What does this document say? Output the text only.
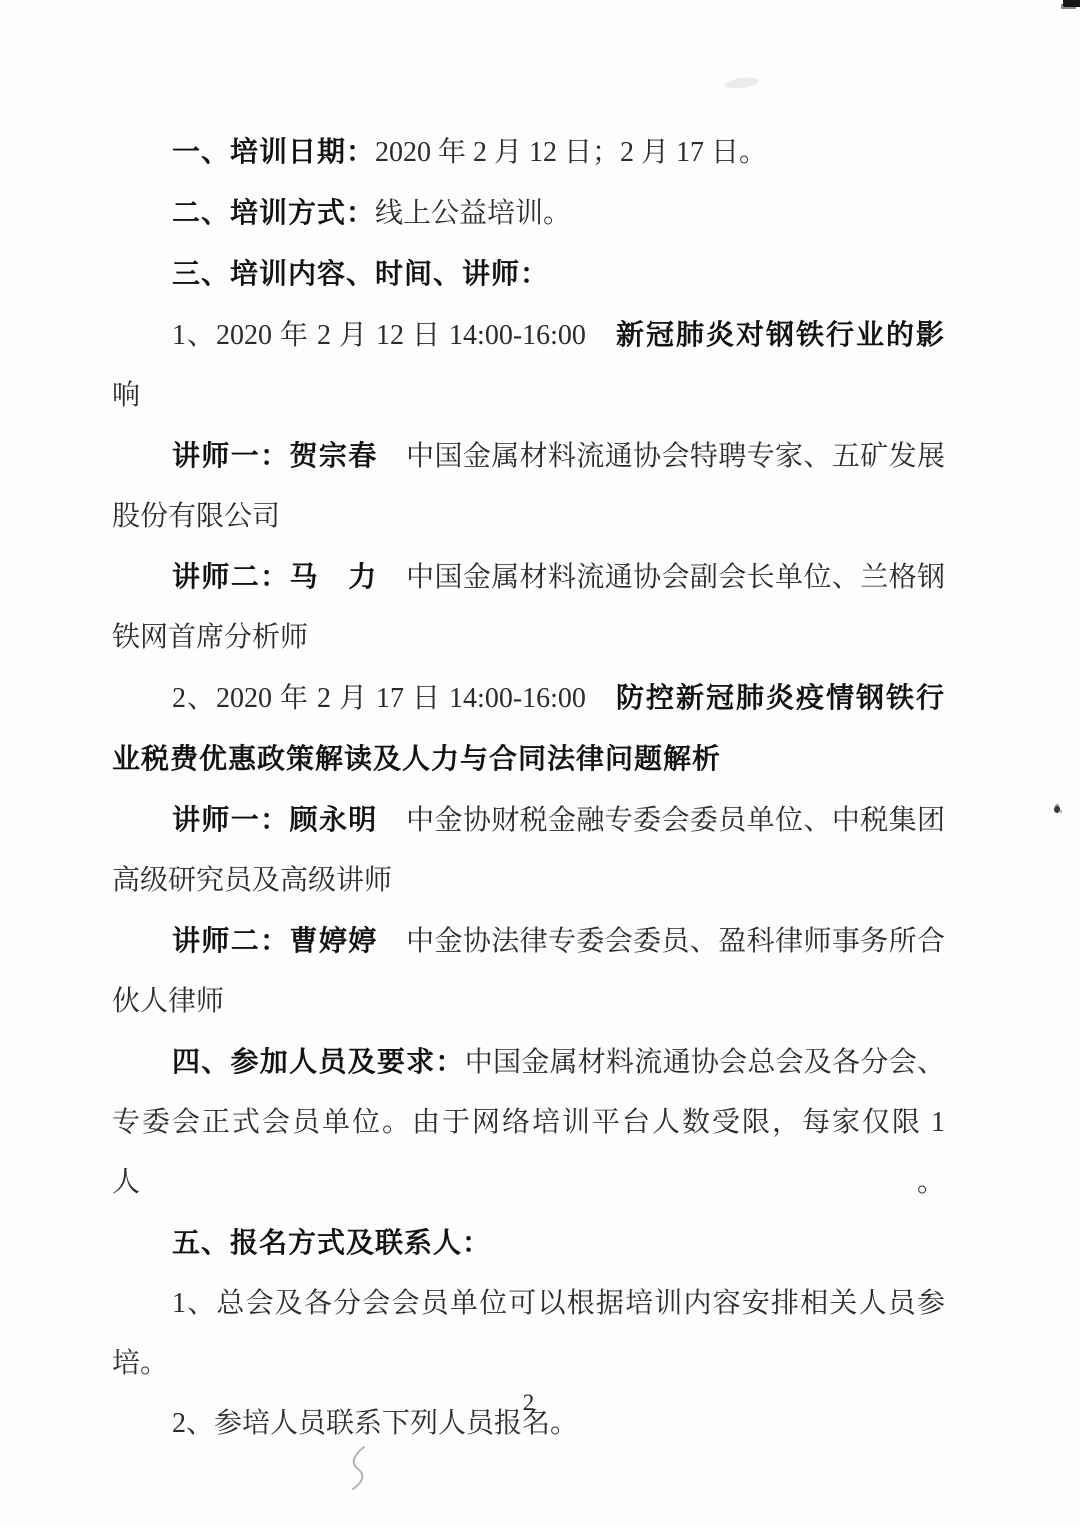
一、培训日期：2020 年 2 月 12 日；2 月 17 日。
二、培训方式：线上公益培训。
三、培训内容、时间、讲师：
1、2020 年 2 月 12 日 14:00-16:00　新冠肺炎对钢铁行业的影
响
讲师一：贺宗春　中国金属材料流通协会特聘专家、五矿发展
股份有限公司
讲师二：马　力　中国金属材料流通协会副会长单位、兰格钢
铁网首席分析师
2、2020 年 2 月 17 日 14:00-16:00　防控新冠肺炎疫情钢铁行
业税费优惠政策解读及人力与合同法律问题解析
讲师一：顾永明　中金协财税金融专委会委员单位、中税集团
高级研究员及高级讲师
讲师二：曹婷婷　中金协法律专委会委员、盈科律师事务所合
伙人律师
四、参加人员及要求：中国金属材料流通协会总会及各分会、
专委会正式会员单位。由于网络培训平台人数受限，每家仅限 1 人。
五、报名方式及联系人：
1、总会及各分会会员单位可以根据培训内容安排相关人员参
培。
2、参培人员联系下列人员报名。
2
